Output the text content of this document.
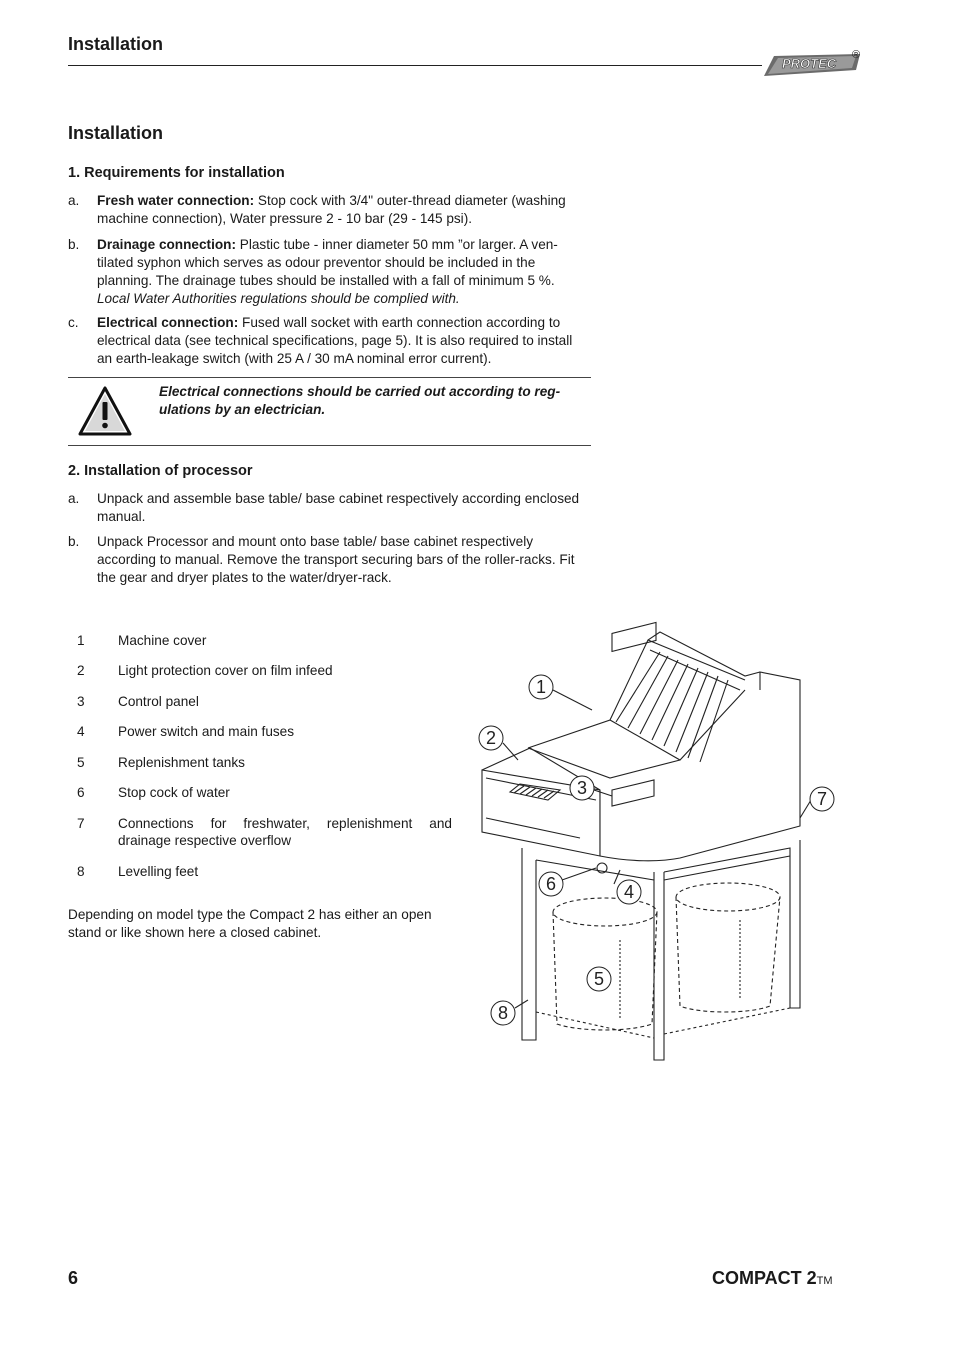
Installation
PROTEC
®
Installation
1. Requirements for installation
a. Fresh water connection: Stop cock with 3/4" outer-thread diameter (washing machine connection), Water pressure 2 - 10 bar (29 - 145 psi).
b. Drainage connection: Plastic tube - inner diameter 50 mm ”or larger. A ven-tilated syphon which serves as odour preventor should be included in the planning. The drainage tubes should be installed with a fall of minimum 5 %.
Local Water Authorities regulations should be complied with.
c. Electrical connection: Fused wall socket with earth connection according to electrical data (see technical specifications, page 5). It is also required to install an earth-leakage switch (with 25 A / 30 mA nominal error current).
Electrical connections should be carried out according to reg-ulations by an electrician.
2. Installation of processor
a. Unpack and assemble base table/ base cabinet respectively according enclosed manual.
b. Unpack Processor and mount onto base table/ base cabinet respectively according to manual. Remove the transport securing bars of the roller-racks. Fit the gear and dryer plates to the water/dryer-rack.
1 Machine cover
2 Light protection cover on film infeed
3 Control panel
4 Power switch and main fuses
5 Replenishment tanks
6 Stop cock of water
7 Connections for freshwater, replenishment and drainage respective overflow
8 Levelling feet
Depending on model type the Compact 2 has either an open stand or like shown here a closed cabinet.
1
2
3
4
5
6
7
8
6	COMPACT 2TM
